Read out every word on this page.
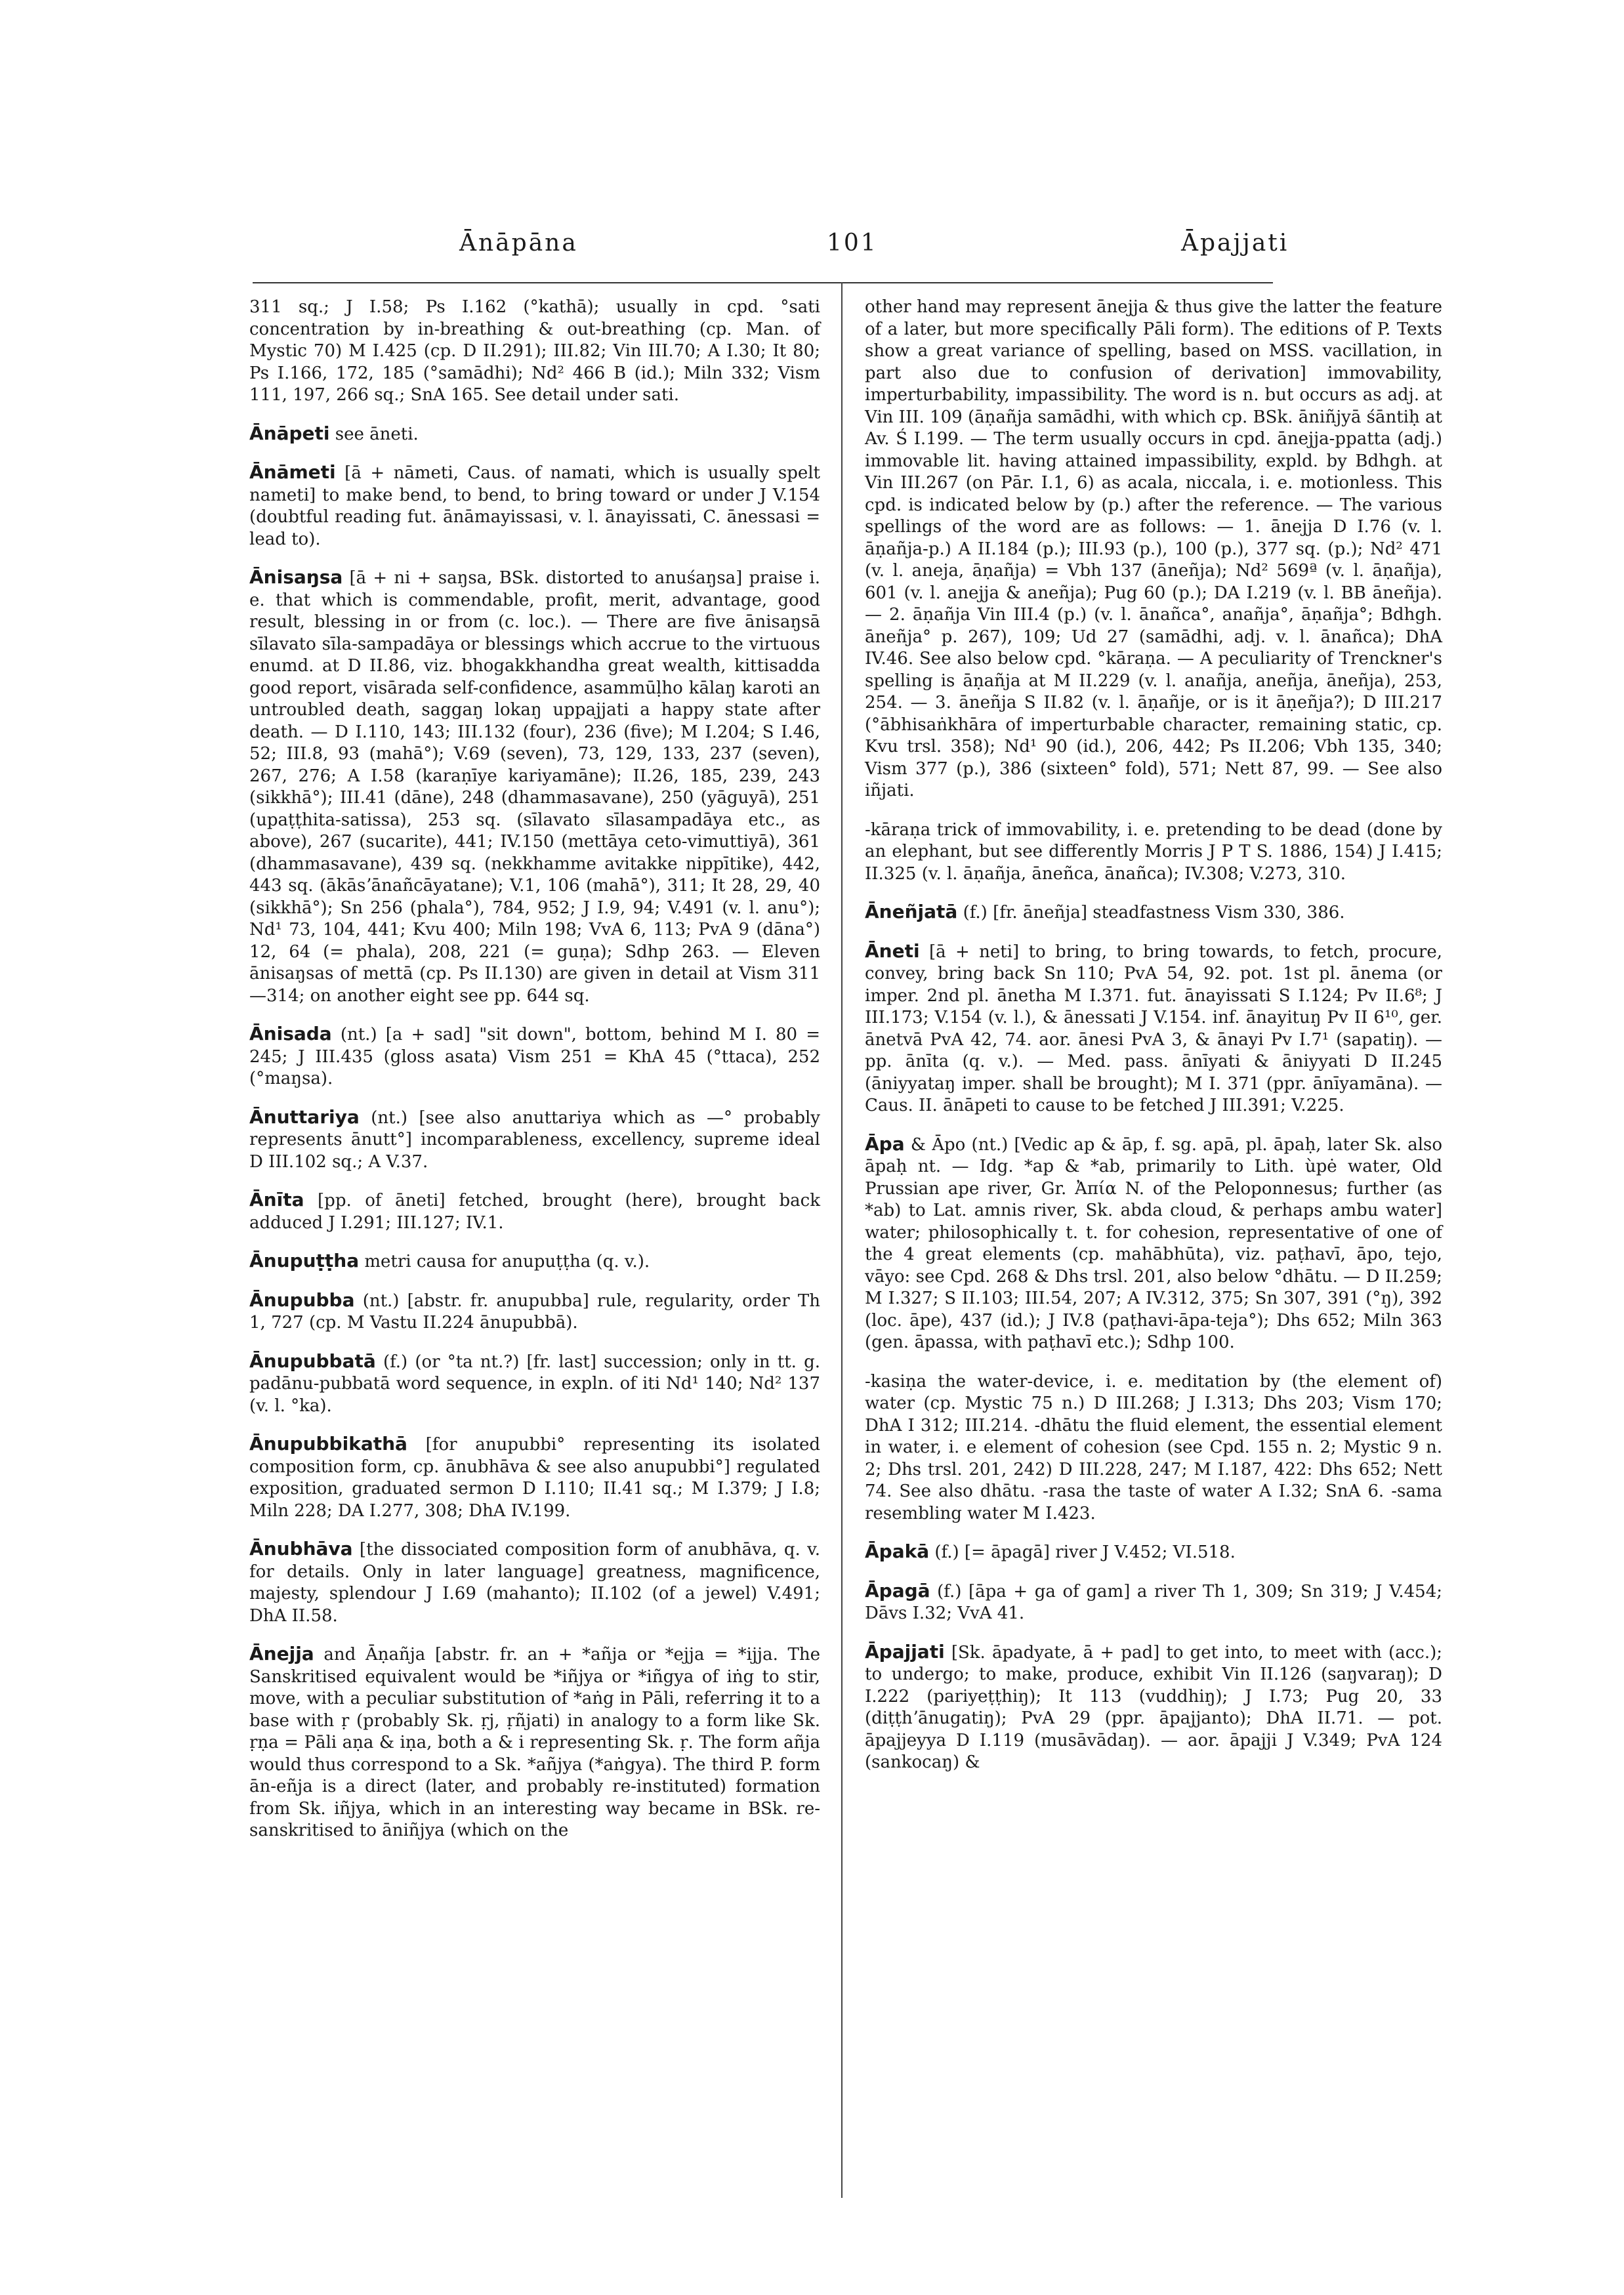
Ānāpāna	101	Āpajjati

311 sq.; J I.58; Ps I.162 (°kathā); usually in cpd. °sati concentration by in-breathing & out-breathing (cp. Man. of Mystic 70) M I.425 (cp. D II.291); III.82; Vin III.70; A I.30; It 80; Ps I.166, 172, 185 (°samādhi); Nd² 466 B (id.); Miln 332; Vism 111, 197, 266 sq.; SnA 165. See detail under sati.

Ānāpeti see āneti.

Ānāmeti [ā + nāmeti, Caus. of namati, which is usually spelt nameti] to make bend, to bend, to bring toward or under J V.154 (doubtful reading fut. ānāmayissasi, v. l. ānayissati, C. ānessasi = lead to).

Ānisaŋsa [ā + ni + saŋsa, BSk. distorted to anuśaŋsa] praise i. e. that which is commendable, profit, merit, advantage, good result, blessing in or from (c. loc.). — There are five ānisaŋsā sīlavato sīla-sampadāya or blessings which accrue to the virtuous enumd. at D II.86, viz. bhogakkhandha great wealth, kittisadda good report, visārada self-confidence, asammūḷho kālaŋ karoti an untroubled death, saggaŋ lokaŋ uppajjati a happy state after death. — D I.110, 143; III.132 (four), 236 (five); M I.204; S I.46, 52; III.8, 93 (mahā°); V.69 (seven), 73, 129, 133, 237 (seven), 267, 276; A I.58 (karaṇīye kariyamāne); II.26, 185, 239, 243 (sikkhā°); III.41 (dāne), 248 (dhammasavane), 250 (yāguyā), 251 (upaṭṭhita-satissa), 253 sq. (sīlavato sīlasampadāya etc., as above), 267 (sucarite), 441; IV.150 (mettāya ceto-vimuttiyā), 361 (dhammasavane), 439 sq. (nekkhamme avitakke nippītike), 442, 443 sq. (ākāsʼānañcāyatane); V.1, 106 (mahā°), 311; It 28, 29, 40 (sikkhā°); Sn 256 (phala°), 784, 952; J I.9, 94; V.491 (v. l. anu°); Nd¹ 73, 104, 441; Kvu 400; Miln 198; VvA 6, 113; PvA 9 (dāna°) 12, 64 (= phala), 208, 221 (= guṇa); Sdhp 263. — Eleven ānisaŋsas of mettā (cp. Ps II.130) are given in detail at Vism 311—314; on another eight see pp. 644 sq.

Ānisada (nt.) [a + sad] "sit down", bottom, behind M I. 80 = 245; J III.435 (gloss asata) Vism 251 = KhA 45 (°ttaca), 252 (°maŋsa).

Ānuttariya (nt.) [see also anuttariya which as —° probably represents ānutt°] incomparableness, excellency, supreme ideal D III.102 sq.; A V.37.

Ānīta [pp. of āneti] fetched, brought (here), brought back adduced J I.291; III.127; IV.1.

Ānupuṭṭha metri causa for anupuṭṭha (q. v.).

Ānupubba (nt.) [abstr. fr. anupubba] rule, regularity, order Th 1, 727 (cp. M Vastu II.224 ānupubbā).

Ānupubbatā (f.) (or °ta nt.?) [fr. last] succession; only in tt. g. padānu-pubbatā word sequence, in expln. of iti Nd¹ 140; Nd² 137 (v. l. °ka).

Ānupubbikathā [for anupubbi° representing its isolated composition form, cp. ānubhāva & see also anupubbi°] regulated exposition, graduated sermon D I.110; II.41 sq.; M I.379; J I.8; Miln 228; DA I.277, 308; DhA IV.199.

Ānubhāva [the dissociated composition form of anubhāva, q. v. for details. Only in later language] greatness, magnificence, majesty, splendour J I.69 (mahanto); II.102 (of a jewel) V.491; DhA II.58.

Ānejja and Āṇañja [abstr. fr. an + *añja or *ejja = *ijja. The Sanskritised equivalent would be *iñjya or *iñgya of iṅg to stir, move, with a peculiar substitution of *aṅg in Pāli, referring it to a base with ṛ (probably Sk. ṛj, ṛñjati) in analogy to a form like Sk. ṛṇa = Pāli aṇa & iṇa, both a & i representing Sk. ṛ. The form añja would thus correspond to a Sk. *añjya (*aṅgya). The third P. form ān-eñja is a direct (later, and probably re-instituted) formation from Sk. iñjya, which in an interesting way became in BSk. re-sanskritised to āniñjya (which on the

other hand may represent ānejja & thus give the latter the feature of a later, but more specifically Pāli form). The editions of P. Texts show a great variance of spelling, based on MSS. vacillation, in part also due to confusion of derivation] immovability, imperturbability, impassibility. The word is n. but occurs as adj. at Vin III. 109 (āṇañja samādhi, with which cp. BSk. āniñjyā śāntiḥ at Av. Ś I.199. — The term usually occurs in cpd. ānejja-ppatta (adj.) immovable lit. having attained impassibility, expld. by Bdhgh. at Vin III.267 (on Pār. I.1, 6) as acala, niccala, i. e. motionless. This cpd. is indicated below by (p.) after the reference. — The various spellings of the word are as follows: — 1. ānejja D I.76 (v. l. āṇañja-p.) A II.184 (p.); III.93 (p.), 100 (p.), 377 sq. (p.); Nd² 471 (v. l. aneja, āṇañja) = Vbh 137 (āneñja); Nd² 569ª (v. l. āṇañja), 601 (v. l. anejja & aneñja); Pug 60 (p.); DA I.219 (v. l. BB āneñja). — 2. āṇañja Vin III.4 (p.) (v. l. ānañca°, anañja°, āṇañja°; Bdhgh. āneñja° p. 267), 109; Ud 27 (samādhi, adj. v. l. ānañca); DhA IV.46. See also below cpd. °kāraṇa. — A peculiarity of Trenckner's spelling is āṇañja at M II.229 (v. l. anañja, aneñja, āneñja), 253, 254. — 3. āneñja S II.82 (v. l. āṇañje, or is it āṇeñja?); D III.217 (°ābhisaṅkhāra of imperturbable character, remaining static, cp. Kvu trsl. 358); Nd¹ 90 (id.), 206, 442; Ps II.206; Vbh 135, 340; Vism 377 (p.), 386 (sixteen° fold), 571; Nett 87, 99. — See also iñjati.

-kāraṇa trick of immovability, i. e. pretending to be dead (done by an elephant, but see differently Morris J P T S. 1886, 154) J I.415; II.325 (v. l. āṇañja, āneñca, ānañca); IV.308; V.273, 310.

Āneñjatā (f.) [fr. āneñja] steadfastness Vism 330, 386.

Āneti [ā + neti] to bring, to bring towards, to fetch, procure, convey, bring back Sn 110; PvA 54, 92. pot. 1st pl. ānema (or imper. 2nd pl. ānetha M I.371. fut. ānayissati S I.124; Pv II.6⁸; J III.173; V.154 (v. l.), & ānessati J V.154. inf. ānayituŋ Pv II 6¹⁰, ger. ānetvā PvA 42, 74. aor. ānesi PvA 3, & ānayi Pv I.7¹ (sapatiŋ). — pp. ānīta (q. v.). — Med. pass. ānīyati & āniyyati D II.245 (āniyyataŋ imper. shall be brought); M I. 371 (ppr. ānīyamāna). — Caus. II. ānāpeti to cause to be fetched J III.391; V.225.

Āpa & Āpo (nt.) [Vedic ap & āp, f. sg. apā, pl. āpaḥ, later Sk. also āpaḥ nt. — Idg. *ap & *ab, primarily to Lith. ùpė water, Old Prussian ape river, Gr. Ἀπία N. of the Peloponnesus; further (as *ab) to Lat. amnis river, Sk. abda cloud, & perhaps ambu water] water; philosophically t. t. for cohesion, representative of one of the 4 great elements (cp. mahābhūta), viz. paṭhavī, āpo, tejo, vāyo: see Cpd. 268 & Dhs trsl. 201, also below °dhātu. — D II.259; M I.327; S II.103; III.54, 207; A IV.312, 375; Sn 307, 391 (°ŋ), 392 (loc. āpe), 437 (id.); J IV.8 (paṭhavi-āpa-teja°); Dhs 652; Miln 363 (gen. āpassa, with paṭhavī etc.); Sdhp 100.

-kasiṇa the water-device, i. e. meditation by (the element of) water (cp. Mystic 75 n.) D III.268; J I.313; Dhs 203; Vism 170; DhA I 312; III.214. -dhātu the fluid element, the essential element in water, i. e element of cohesion (see Cpd. 155 n. 2; Mystic 9 n. 2; Dhs trsl. 201, 242) D III.228, 247; M I.187, 422: Dhs 652; Nett 74. See also dhātu. -rasa the taste of water A I.32; SnA 6. -sama resembling water M I.423.

Āpakā (f.) [= āpagā] river J V.452; VI.518.

Āpagā (f.) [āpa + ga of gam] a river Th 1, 309; Sn 319; J V.454; Dāvs I.32; VvA 41.

Āpajjati [Sk. āpadyate, ā + pad] to get into, to meet with (acc.); to undergo; to make, produce, exhibit Vin II.126 (saŋvaraŋ); D I.222 (pariyeṭṭhiŋ); It 113 (vuddhiŋ); J I.73; Pug 20, 33 (diṭṭhʼānugatiŋ); PvA 29 (ppr. āpajjanto); DhA II.71. — pot. āpajjeyya D I.119 (musāvādaŋ). — aor. āpajji J V.349; PvA 124 (sankocaŋ) &
